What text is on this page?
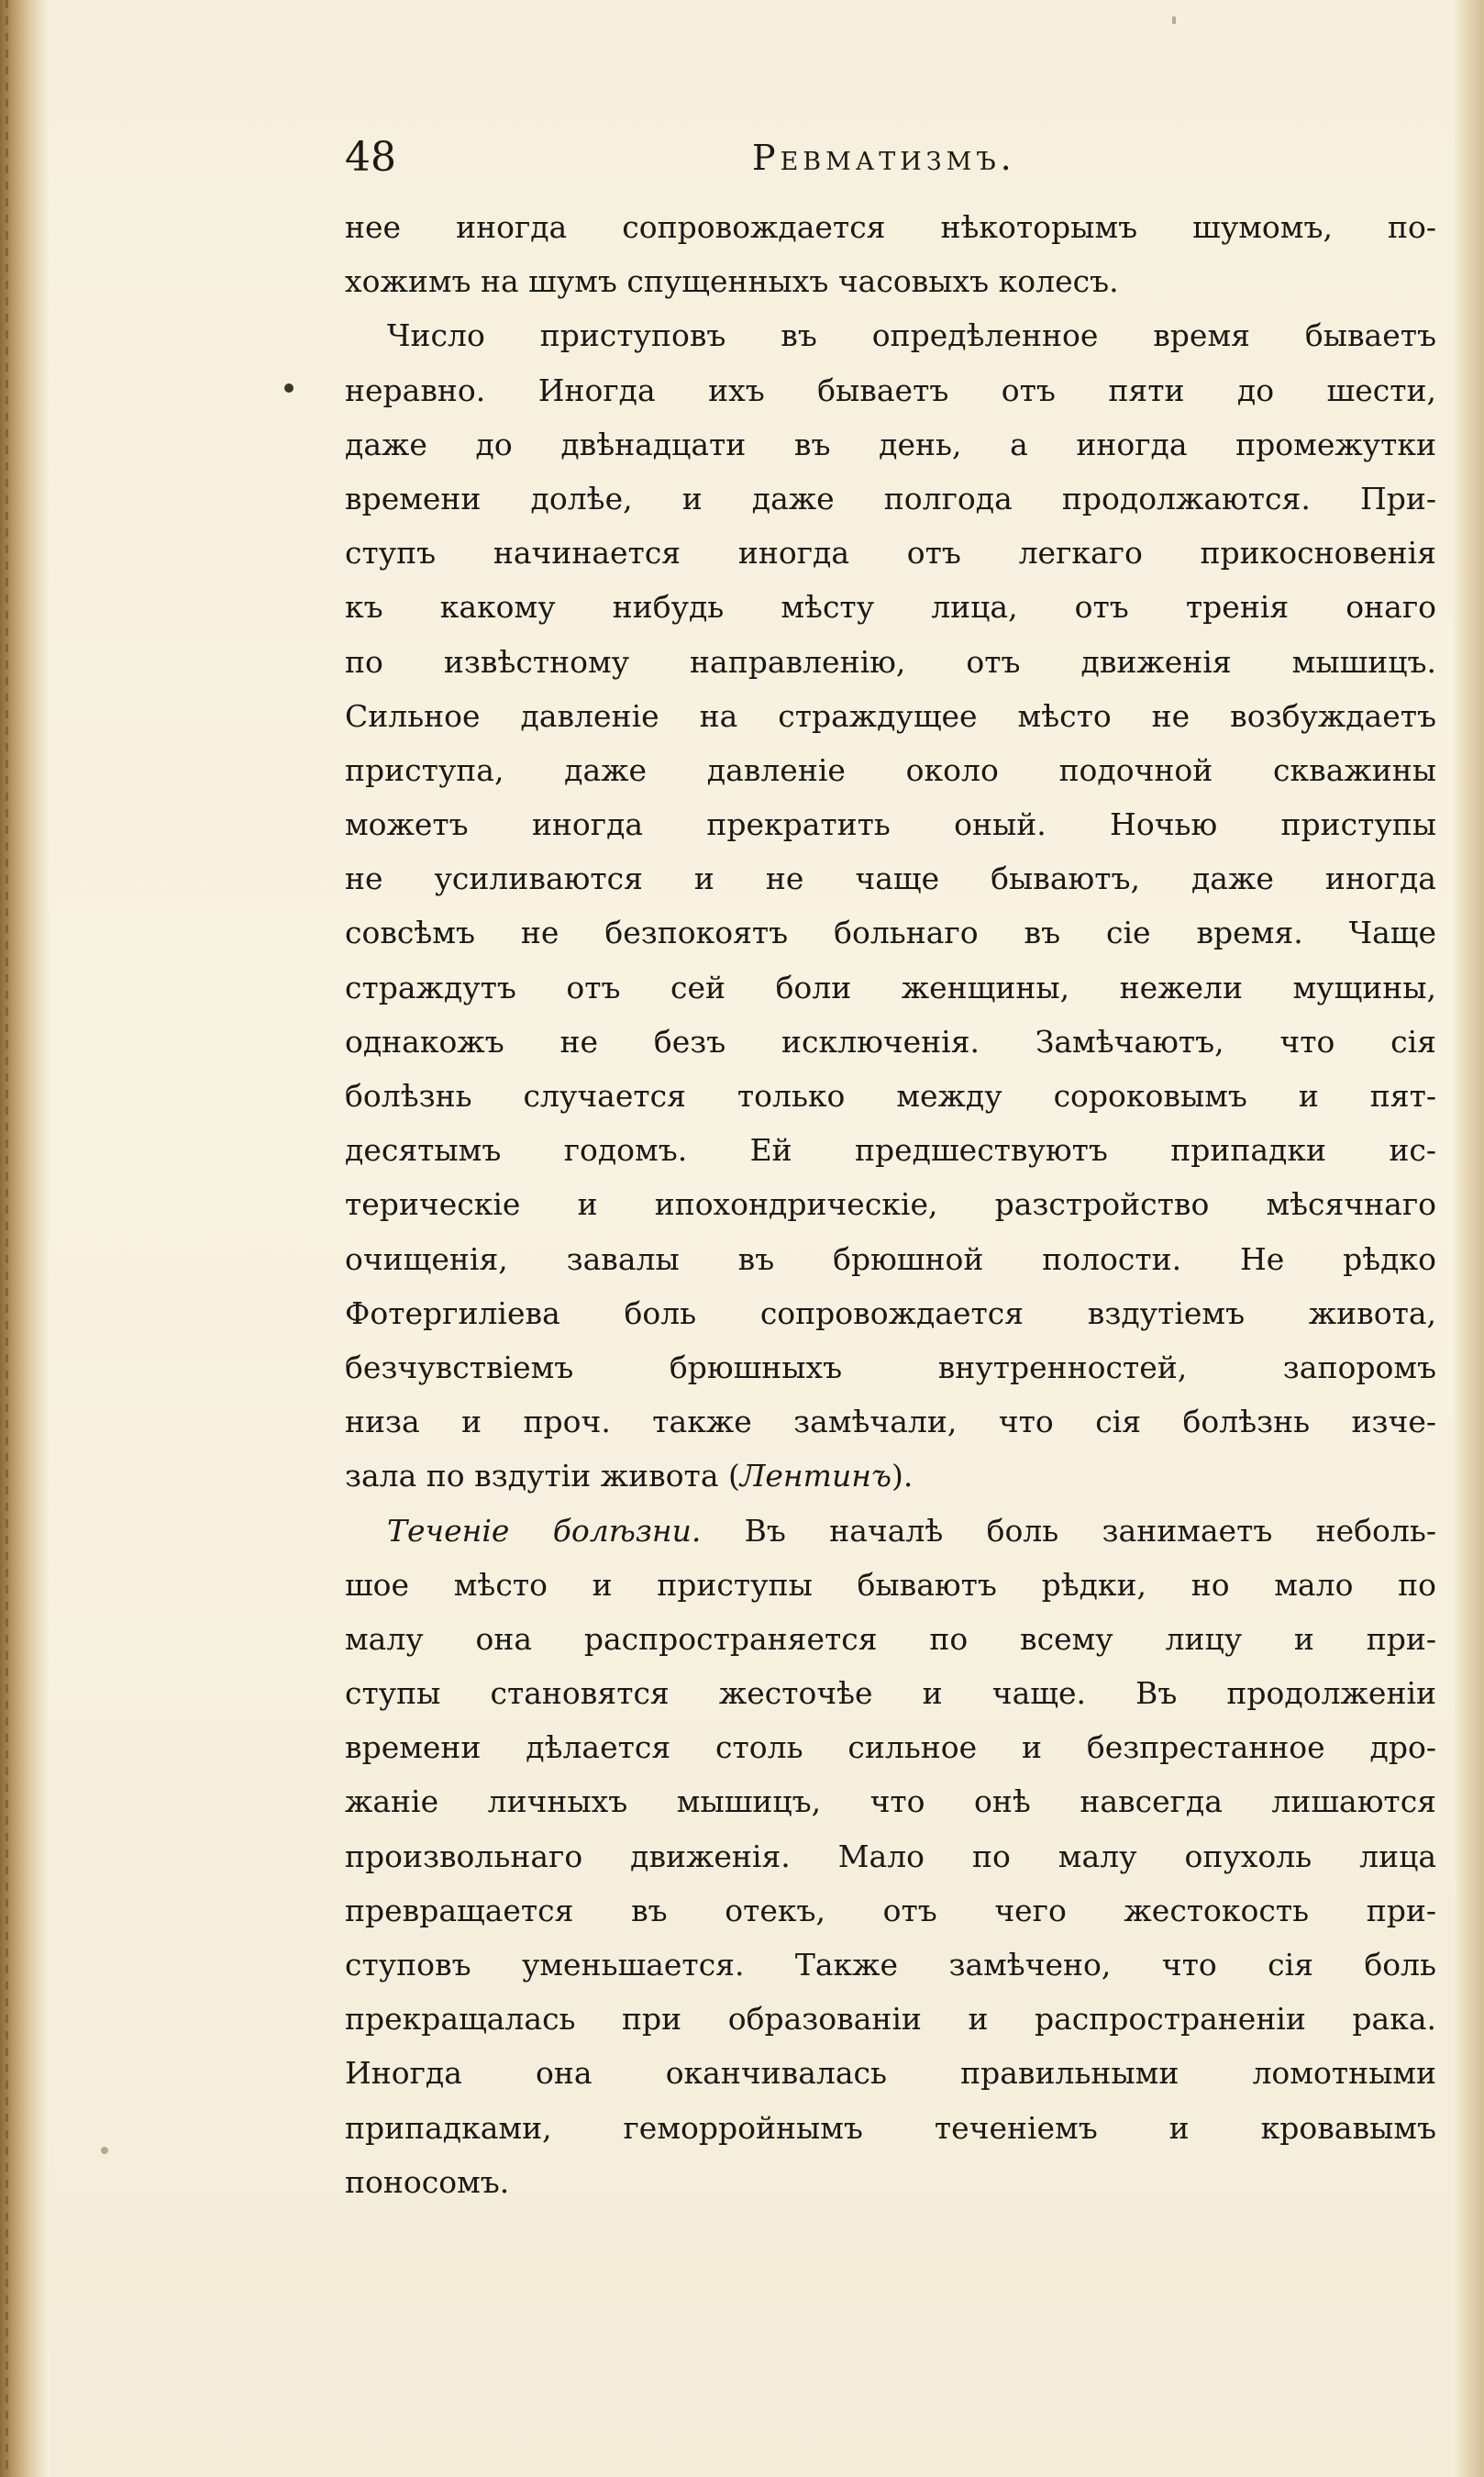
48	Ревматизмъ.
нее иногда сопровождается нѣкоторымъ шумомъ, по-
хожимъ на шумъ спущенныхъ часовыхъ колесъ.
Число приступовъ въ опредѣленное время бываетъ
неравно. Иногда ихъ бываетъ отъ пяти до шести,
даже до двѣнадцати въ день, а иногда промежутки
времени долѣе, и даже полгода продолжаются. При-
ступъ начинается иногда отъ легкаго прикосновенія
къ какому нибудь мѣсту лица, отъ тренія онаго
по извѣстному направленію, отъ движенія мышицъ.
Сильное давленіе на страждущее мѣсто не возбуждаетъ
приступа, даже давленіе около подочной скважины
можетъ иногда прекратить оный. Ночью приступы
не усиливаются и не чаще бываютъ, даже иногда
совсѣмъ не безпокоятъ больнаго въ сіе время. Чаще
страждутъ отъ сей боли женщины, нежели мущины,
однакожъ не безъ исключенія. Замѣчаютъ, что сія
болѣзнь случается только между сороковымъ и пят-
десятымъ годомъ. Ей предшествуютъ припадки ис-
терическіе и ипохондрическіе, разстройство мѣсячнаго
очищенія, завалы въ брюшной полости. Не рѣдко
Фотергиліева боль сопровождается вздутіемъ живота,
безчувствіемъ брюшныхъ внутренностей, запоромъ
низа и проч. также замѣчали, что сія болѣзнь изче-
зала по вздутіи живота (Лентинъ).
Теченіе болѣзни. Въ началѣ боль занимаетъ неболь-
шое мѣсто и приступы бываютъ рѣдки, но мало по
малу она распространяется по всему лицу и при-
ступы становятся жесточѣе и чаще. Въ продолженіи
времени дѣлается столь сильное и безпрестанное дро-
жаніе личныхъ мышицъ, что онѣ навсегда лишаются
произвольнаго движенія. Мало по малу опухоль лица
превращается въ отекъ, отъ чего жестокость при-
ступовъ уменьшается. Также замѣчено, что сія боль
прекращалась при образованіи и распространеніи рака.
Иногда она оканчивалась правильными ломотными
припадками, геморройнымъ теченіемъ и кровавымъ
поносомъ.
